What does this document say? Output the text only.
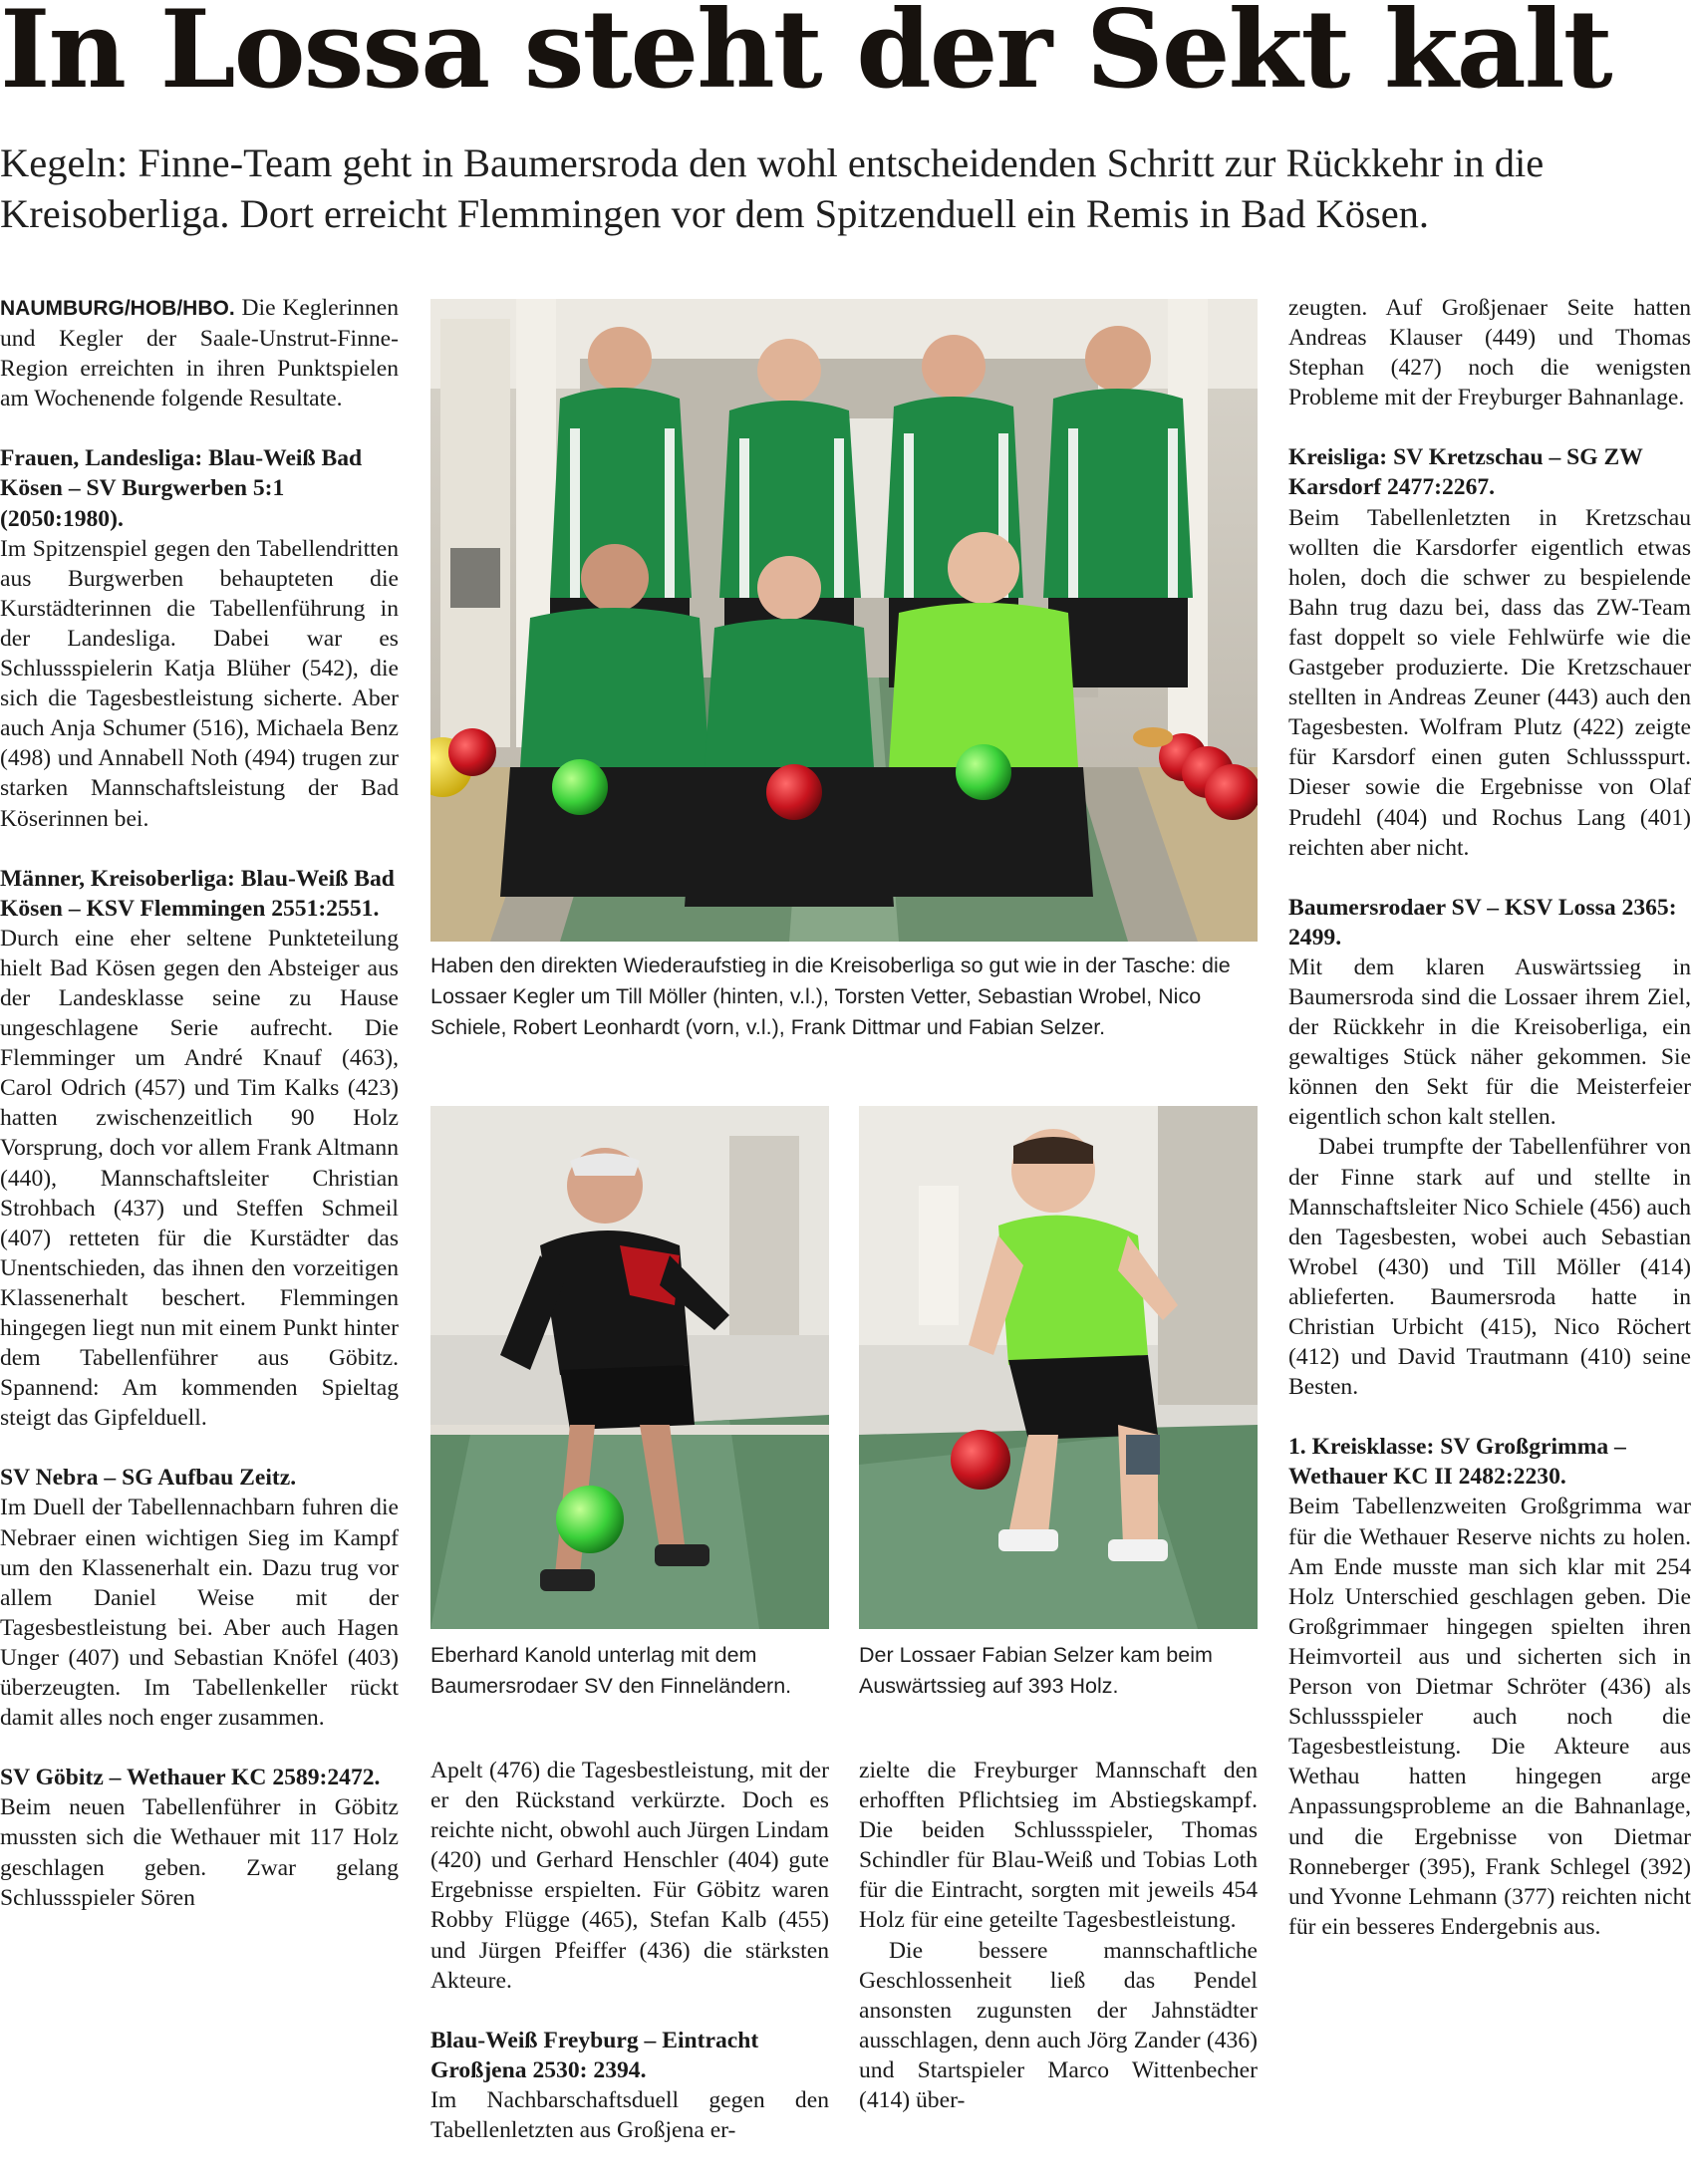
In Lossa steht der Sekt kalt

Kegeln: Finne-Team geht in Baumersroda den wohl entscheidenden Schritt zur Rückkehr in die Kreisoberliga. Dort erreicht Flemmingen vor dem Spitzenduell ein Remis in Bad Kösen.

NAUMBURG/HOB/HBO. Die Keglerinnen und Kegler der Saale-Unstrut-Finne-Region erreichten in ihren Punktspielen am Wochenende folgende Resultate.

Frauen, Landesliga: Blau-Weiß Bad Kösen – SV Burgwerben 5:1 (2050:1980).

Im Spitzenspiel gegen den Tabellendritten aus Burgwerben behaupteten die Kurstädterinnen die Tabellenführung in der Landesliga. Dabei war es Schlussspielerin Katja Blüher (542), die sich die Tagesbestleistung sicherte. Aber auch Anja Schumer (516), Michaela Benz (498) und Annabell Noth (494) trugen zur starken Mannschaftsleistung der Bad Köserinnen bei.

Männer, Kreisoberliga: Blau-Weiß Bad Kösen – KSV Flemmingen 2551:2551.

Durch eine eher seltene Punkteteilung hielt Bad Kösen gegen den Absteiger aus der Landesklasse seine zu Hause ungeschlagene Serie aufrecht. Die Flemminger um André Knauf (463), Carol Odrich (457) und Tim Kalks (423) hatten zwischenzeitlich 90 Holz Vorsprung, doch vor allem Frank Altmann (440), Mannschaftsleiter Christian Strohbach (437) und Steffen Schmeil (407) retteten für die Kurstädter das Unentschieden, das ihnen den vorzeitigen Klassenerhalt beschert. Flemmingen hingegen liegt nun mit einem Punkt hinter dem Tabellenführer aus Göbitz. Spannend: Am kommenden Spieltag steigt das Gipfelduell.

SV Nebra – SG Aufbau Zeitz.

Im Duell der Tabellennachbarn fuhren die Nebraer einen wichtigen Sieg im Kampf um den Klassenerhalt ein. Dazu trug vor allem Daniel Weise mit der Tagesbestleistung bei. Aber auch Hagen Unger (407) und Sebastian Knöfel (403) überzeugten. Im Tabellenkeller rückt damit alles noch enger zusammen.

SV Göbitz – Wethauer KC 2589:2472.

Beim neuen Tabellenführer in Göbitz mussten sich die Wethauer mit 117 Holz geschlagen geben. Zwar gelang Schlussspieler Sören

Apelt (476) die Tagesbestleistung, mit der er den Rückstand verkürzte. Doch es reichte nicht, obwohl auch Jürgen Lindam (420) und Gerhard Henschler (404) gute Ergebnisse erspielten. Für Göbitz waren Robby Flügge (465), Stefan Kalb (455) und Jürgen Pfeiffer (436) die stärksten Akteure.

Blau-Weiß Freyburg – Eintracht Großjena 2530: 2394.

Im Nachbarschaftsduell gegen den Tabellenletzten aus Großjena er-

zielte die Freyburger Mannschaft den erhofften Pflichtsieg im Abstiegskampf. Die beiden Schlussspieler, Thomas Schindler für Blau-Weiß und Tobias Loth für die Eintracht, sorgten mit jeweils 454 Holz für eine geteilte Tagesbestleistung.

Die bessere mannschaftliche Geschlossenheit ließ das Pendel ansonsten zugunsten der Jahnstädter ausschlagen, denn auch Jörg Zander (436) und Startspieler Marco Wittenbecher (414) über-

zeugten. Auf Großjenaer Seite hatten Andreas Klauser (449) und Thomas Stephan (427) noch die wenigsten Probleme mit der Freyburger Bahnanlage.

Kreisliga: SV Kretzschau – SG ZW Karsdorf 2477:2267.

Beim Tabellenletzten in Kretzschau wollten die Karsdorfer eigentlich etwas holen, doch die schwer zu bespielende Bahn trug dazu bei, dass das ZW-Team fast doppelt so viele Fehlwürfe wie die Gastgeber produzierte. Die Kretzschauer stellten in Andreas Zeuner (443) auch den Tagesbesten. Wolfram Plutz (422) zeigte für Karsdorf einen guten Schlussspurt. Dieser sowie die Ergebnisse von Olaf Prudehl (404) und Rochus Lang (401) reichten aber nicht.

Baumersrodaer SV – KSV Lossa 2365: 2499.

Mit dem klaren Auswärtssieg in Baumersroda sind die Lossaer ihrem Ziel, der Rückkehr in die Kreisoberliga, ein gewaltiges Stück näher gekommen. Sie können den Sekt für die Meisterfeier eigentlich schon kalt stellen.

Dabei trumpfte der Tabellenführer von der Finne stark auf und stellte in Mannschaftsleiter Nico Schiele (456) auch den Tagesbesten, wobei auch Sebastian Wrobel (430) und Till Möller (414) ablieferten. Baumersroda hatte in Christian Urbicht (415), Nico Röchert (412) und David Trautmann (410) seine Besten.

1. Kreisklasse: SV Großgrimma – Wethauer KC II 2482:2230.

Beim Tabellenzweiten Großgrimma war für die Wethauer Reserve nichts zu holen. Am Ende musste man sich klar mit 254 Holz Unterschied geschlagen geben. Die Großgrimmaer hingegen spielten ihren Heimvorteil aus und sicherten sich in Person von Dietmar Schröter (436) als Schlussspieler auch noch die Tagesbestleistung. Die Akteure aus Wethau hatten hingegen arge Anpassungsprobleme an die Bahnanlage, und die Ergebnisse von Dietmar Ronneberger (395), Frank Schlegel (392) und Yvonne Lehmann (377) reichten nicht für ein besseres Endergebnis aus.

Haben den direkten Wiederaufstieg in die Kreisoberliga so gut wie in der Tasche: die Lossaer Kegler um Till Möller (hinten, v.l.), Torsten Vetter, Sebastian Wrobel, Nico Schiele, Robert Leonhardt (vorn, v.l.), Frank Dittmar und Fabian Selzer.

Eberhard Kanold unterlag mit dem Baumersrodaer SV den Finneländern.

Der Lossaer Fabian Selzer kam beim Auswärtssieg auf 393 Holz.
